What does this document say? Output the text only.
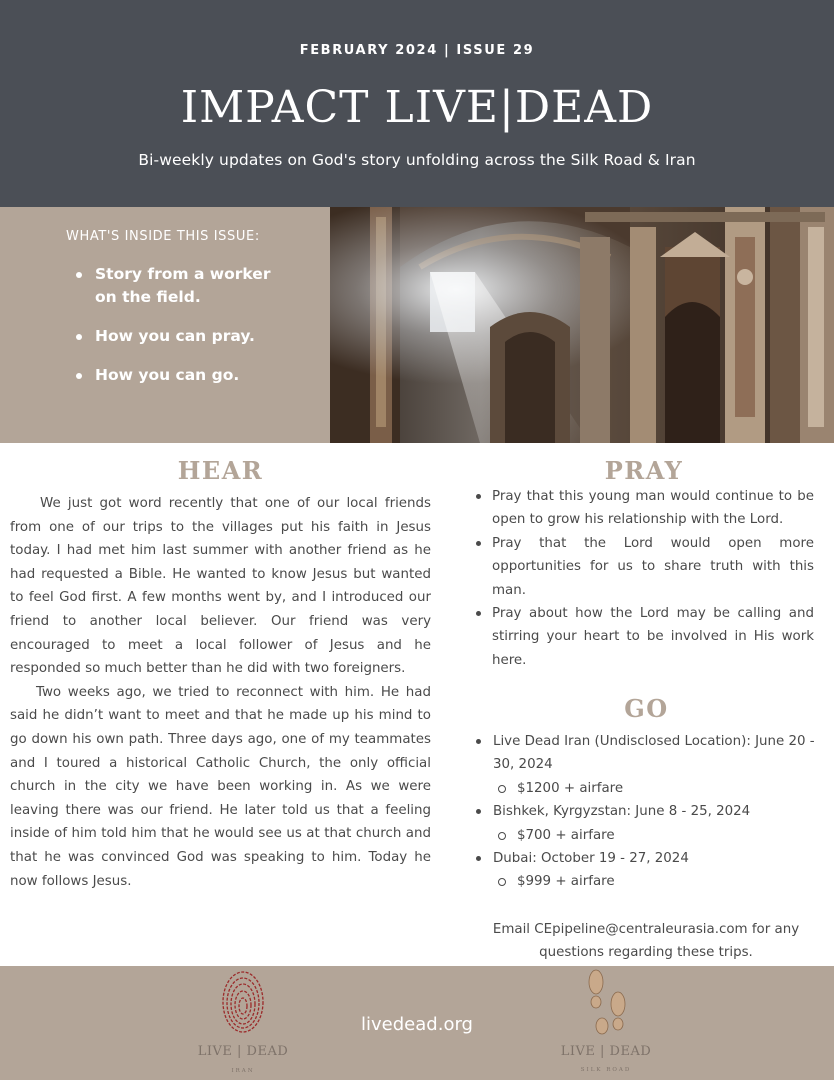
FEBRUARY 2024 | ISSUE 29
IMPACT LIVE|DEAD
Bi-weekly updates on God's story unfolding across the Silk Road & Iran
WHAT'S INSIDE THIS ISSUE:
Story from a worker on the field.
How you can pray.
How you can go.
HEAR

We just got word recently that one of our local friends from one of our trips to the villages put his faith in Jesus today. I had met him last summer with another friend as he had requested a Bible. He wanted to know Jesus but wanted to feel God first. A few months went by, and I introduced our friend to another local believer. Our friend was very encouraged to meet a local follower of Jesus and he responded so much better than he did with two foreigners.

Two weeks ago, we tried to reconnect with him. He had said he didn’t want to meet and that he made up his mind to go down his own path. Three days ago, one of my teammates and I toured a historical Catholic Church, the only official church in the city we have been working in. As we were leaving there was our friend. He later told us that a feeling inside of him told him that he would see us at that church and that he was convinced God was speaking to him. Today he now follows Jesus.

PRAY
Pray that this young man would continue to be open to grow his relationship with the Lord.
Pray that the Lord would open more opportunities for us to share truth with this man.
Pray about how the Lord may be calling and stirring your heart to be involved in His work here.
GO
Live Dead Iran (Undisclosed Location): June 20 - 30, 2024
$1200 + airfare
Bishkek, Kyrgyzstan: June 8 - 25, 2024
$700 + airfare
Dubai: October 19 - 27, 2024
$999 + airfare
Email CEpipeline@centraleurasia.com for any questions regarding these trips.
LIVE | DEAD
IRAN
livedead.org
LIVE | DEAD
SILK ROAD
